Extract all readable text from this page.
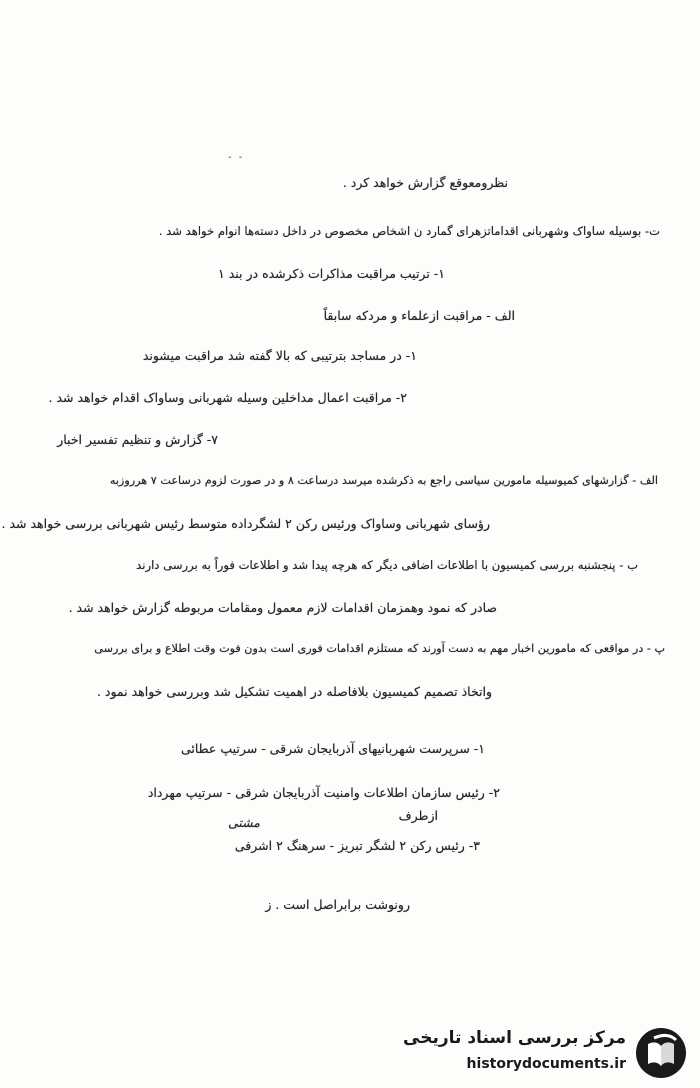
- -
نظرومعوقع گزارش خواهد کرد .
ت- بوسیله ساواک وشهربانی اقداماتزهرای گمارد ن اشخاص مخصوص در داخل دسته‌ها انوام خواهد شد .
۱- ترتیب مراقبت مذاکرات ذکرشده در بند ۱
الف - مراقبت ازعلماء و مردکه سابقاً
۱- در مساجد بترتیبی که بالا گفته شد مراقبت میشوند
۲- مراقبت اعمال مداخلین وسیله شهربانی وساواک اقدام خواهد شد .
۷- گزارش و تنظیم تفسیر اخبار
الف - گزارشهای کمیوسیله مامورین سیاسی راجع به ذکرشده میرسد درساعت ۸ و در صورت لزوم درساعت ۷ هرروزبه
رؤسای شهربانی وساواک ورئیس رکن ۲ لشگرداده متوسط رئیس شهربانی بررسی خواهد شد .
ب - پنجشنبه بررسی کمیسیون با اطلاعات اضافی دیگر که هرچه پیدا شد و اطلاعات فوراً به بررسی دارند
صادر که نمود وهمزمان اقدامات لازم معمول ومقامات مربوطه گزارش خواهد شد .
پ - در مواقعی که مامورین اخبار مهم به دست آورند که مستلزم اقدامات فوری است بدون فوت وقت اطلاع و برای بررسی
واتخاذ تصمیم کمیسیون بلافاصله در اهمیت تشکیل شد وبررسی خواهد نمود .
۱- سرپرست شهربانیهای آذربایجان شرقی - سرتیپ عطائی
۲- رئیس سازمان اطلاعات وامنیت آذربایجان شرقی - سرتیپ مهرداد
ازطرف
مشتی
۳- رئیس رکن ۲ لشگر تبریز - سرهنگ ۲ اشرفی
رونوشت برابراصل است . ز
مرکز بررسی اسناد تاریخی
historydocuments.ir
